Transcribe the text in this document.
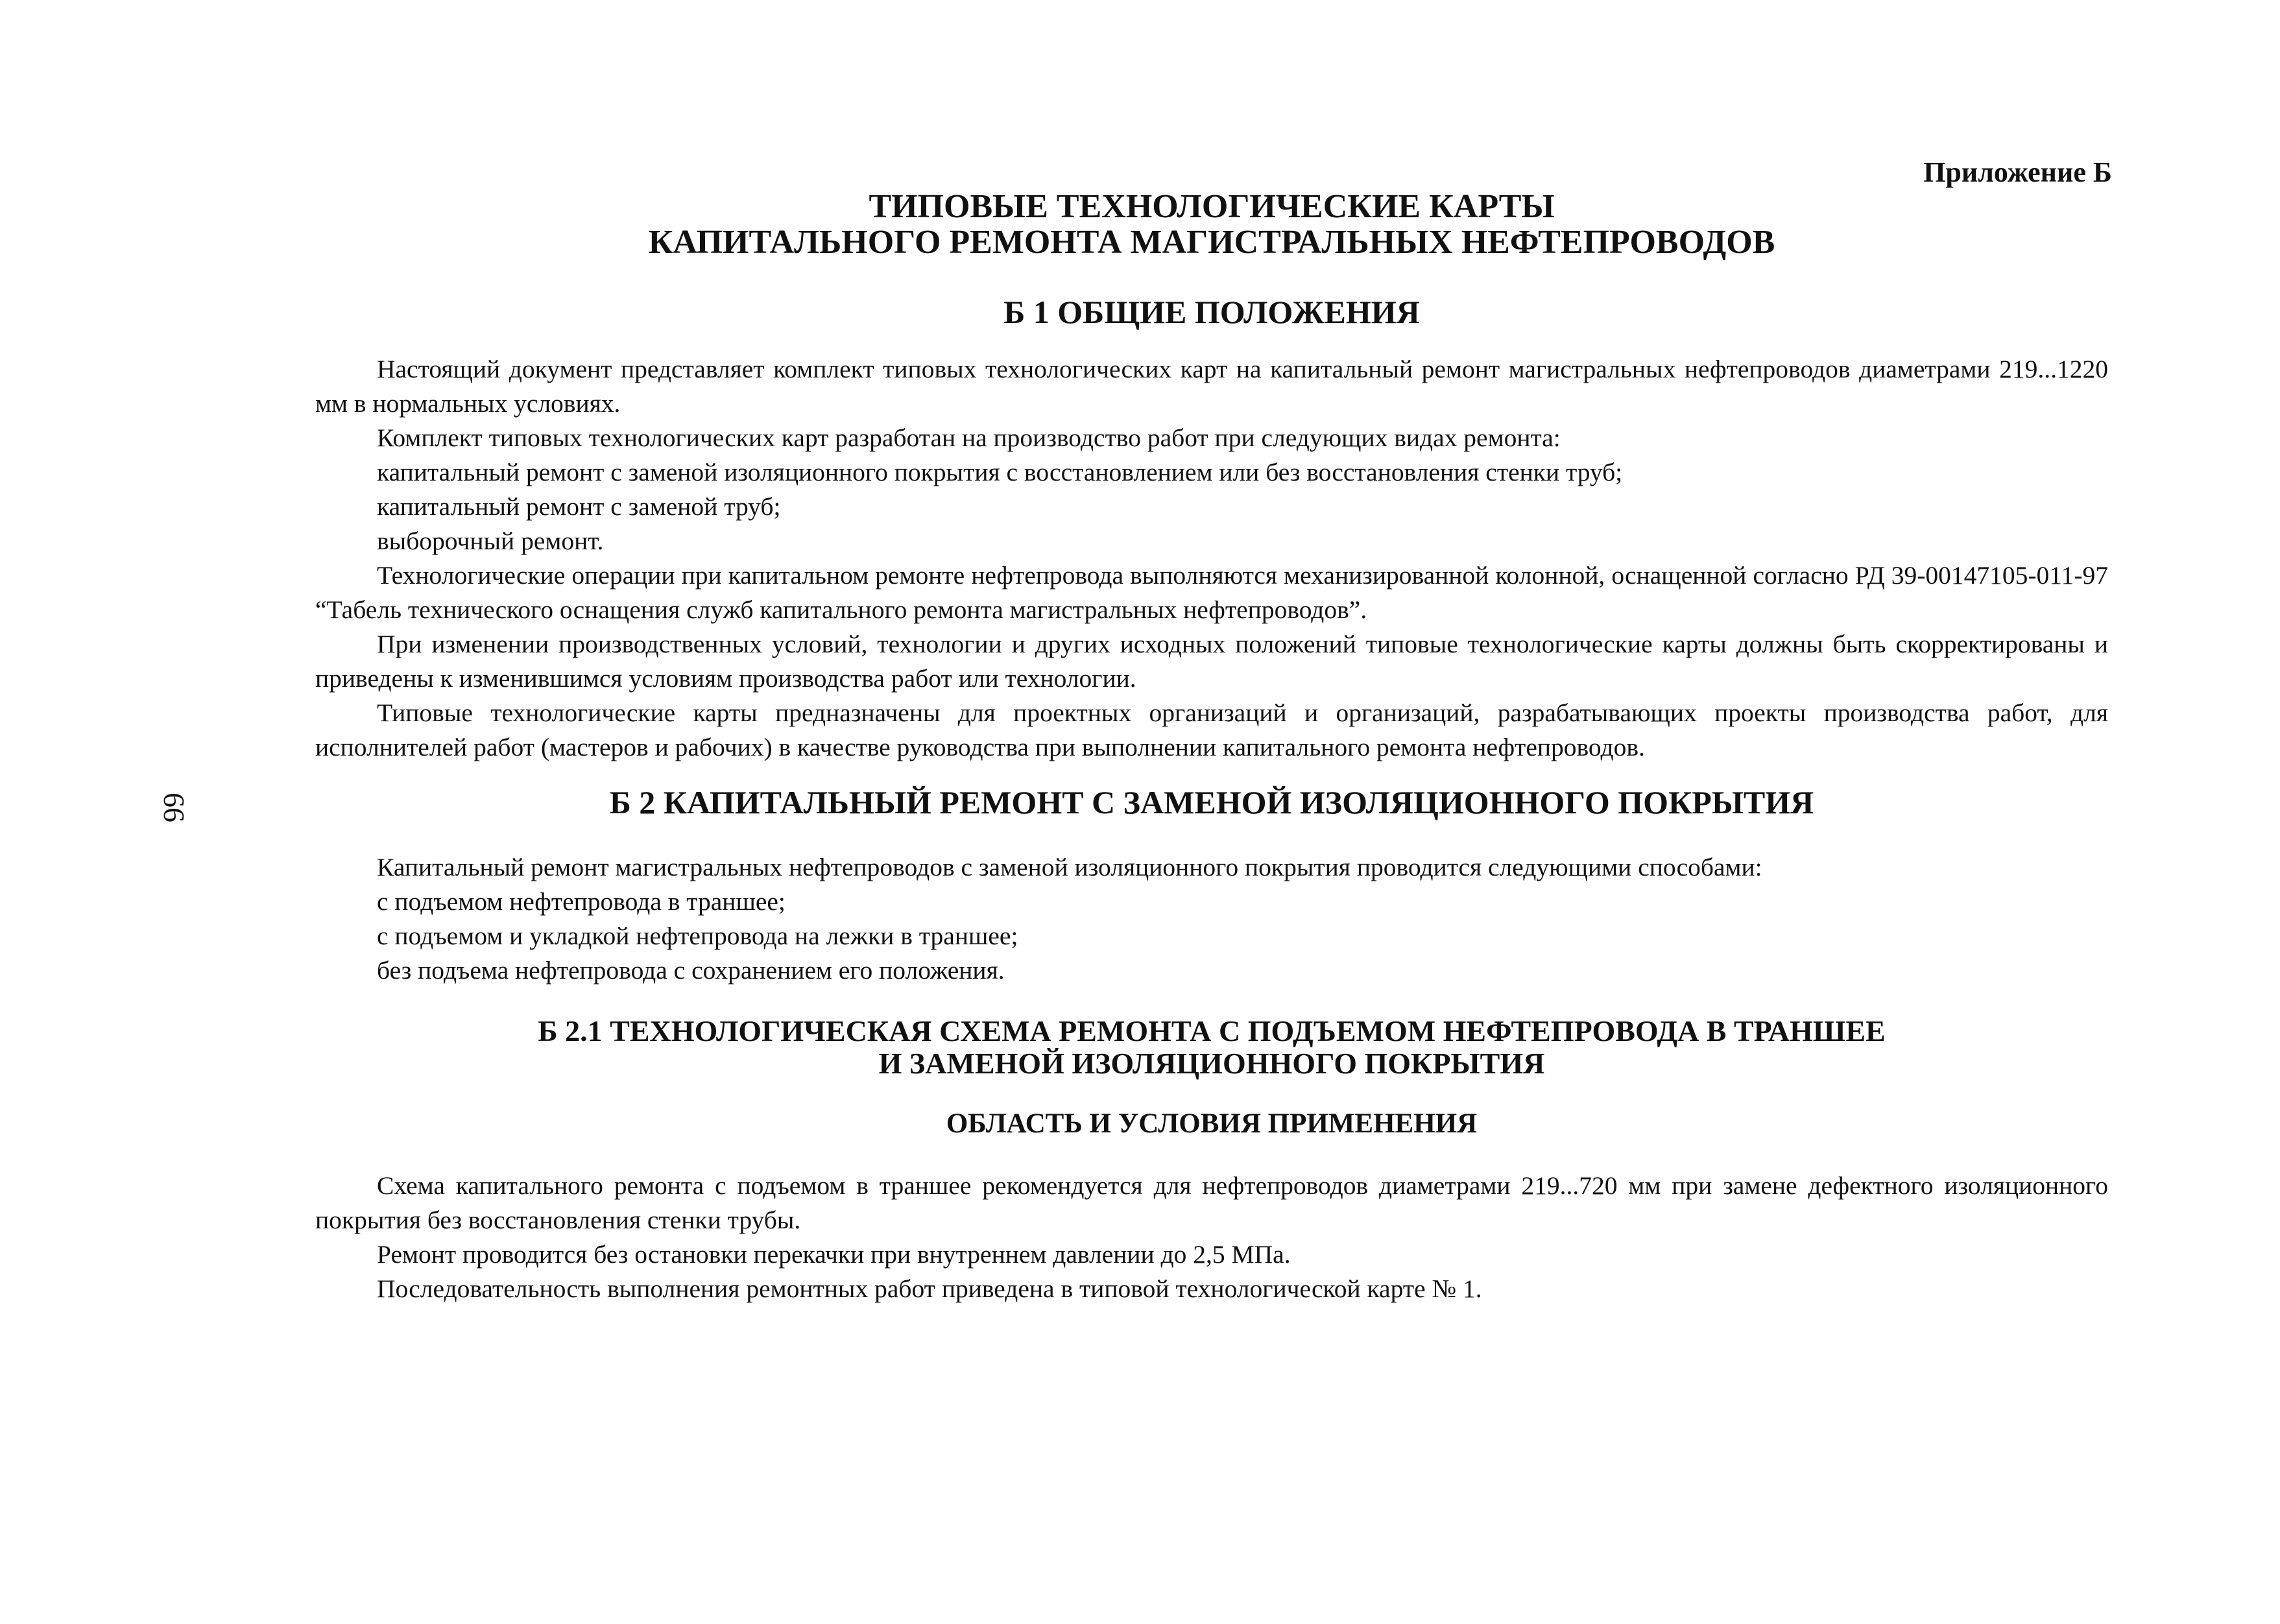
66
Приложение Б

ТИПОВЫЕ ТЕХНОЛОГИЧЕСКИЕ КАРТЫ

КАПИТАЛЬНОГО РЕМОНТА МАГИСТРАЛЬНЫХ НЕФТЕПРОВОДОВ

Б 1 ОБЩИЕ ПОЛОЖЕНИЯ

Настоящий документ представляет комплект типовых технологических карт на капитальный ремонт магистральных нефтепроводов диаметрами 219...1220 мм в нормальных условиях.

Комплект типовых технологических карт разработан на производство работ при следующих видах ремонта:

капитальный ремонт с заменой изоляционного покрытия с восстановлением или без восстановления стенки труб;

капитальный ремонт с заменой труб;

выборочный ремонт.

Технологические операции при капитальном ремонте нефтепровода выполняются механизированной колонной, оснащенной согласно РД 39-00147105-011-97 “Табель технического оснащения служб капитального ремонта магистральных нефтепроводов”.

При изменении производственных условий, технологии и других исходных положений типовые технологические карты должны быть скорректированы и приведены к изменившимся условиям производства работ или технологии.

Типовые технологические карты предназначены для проектных организаций и организаций, разрабатывающих проекты производства работ, для исполнителей работ (мастеров и рабочих) в качестве руководства при выполнении капитального ремонта нефтепроводов.

Б 2 КАПИТАЛЬНЫЙ РЕМОНТ С ЗАМЕНОЙ ИЗОЛЯЦИОННОГО ПОКРЫТИЯ

Капитальный ремонт магистральных нефтепроводов с заменой изоляционного покрытия проводится следующими способами:

с подъемом нефтепровода в траншее;

с подъемом и укладкой нефтепровода на лежки в траншее;

без подъема нефтепровода с сохранением его положения.

Б 2.1 ТЕХНОЛОГИЧЕСКАЯ СХЕМА РЕМОНТА С ПОДЪЕМОМ НЕФТЕПРОВОДА В ТРАНШЕЕ

И ЗАМЕНОЙ ИЗОЛЯЦИОННОГО ПОКРЫТИЯ

ОБЛАСТЬ И УСЛОВИЯ ПРИМЕНЕНИЯ

Схема капитального ремонта с подъемом в траншее рекомендуется для нефтепроводов диаметрами 219...720 мм при замене дефектного изоляционного покрытия без восстановления стенки трубы.

Ремонт проводится без остановки перекачки при внутреннем давлении до 2,5 МПа.

Последовательность выполнения ремонтных работ приведена в типовой технологической карте № 1.
